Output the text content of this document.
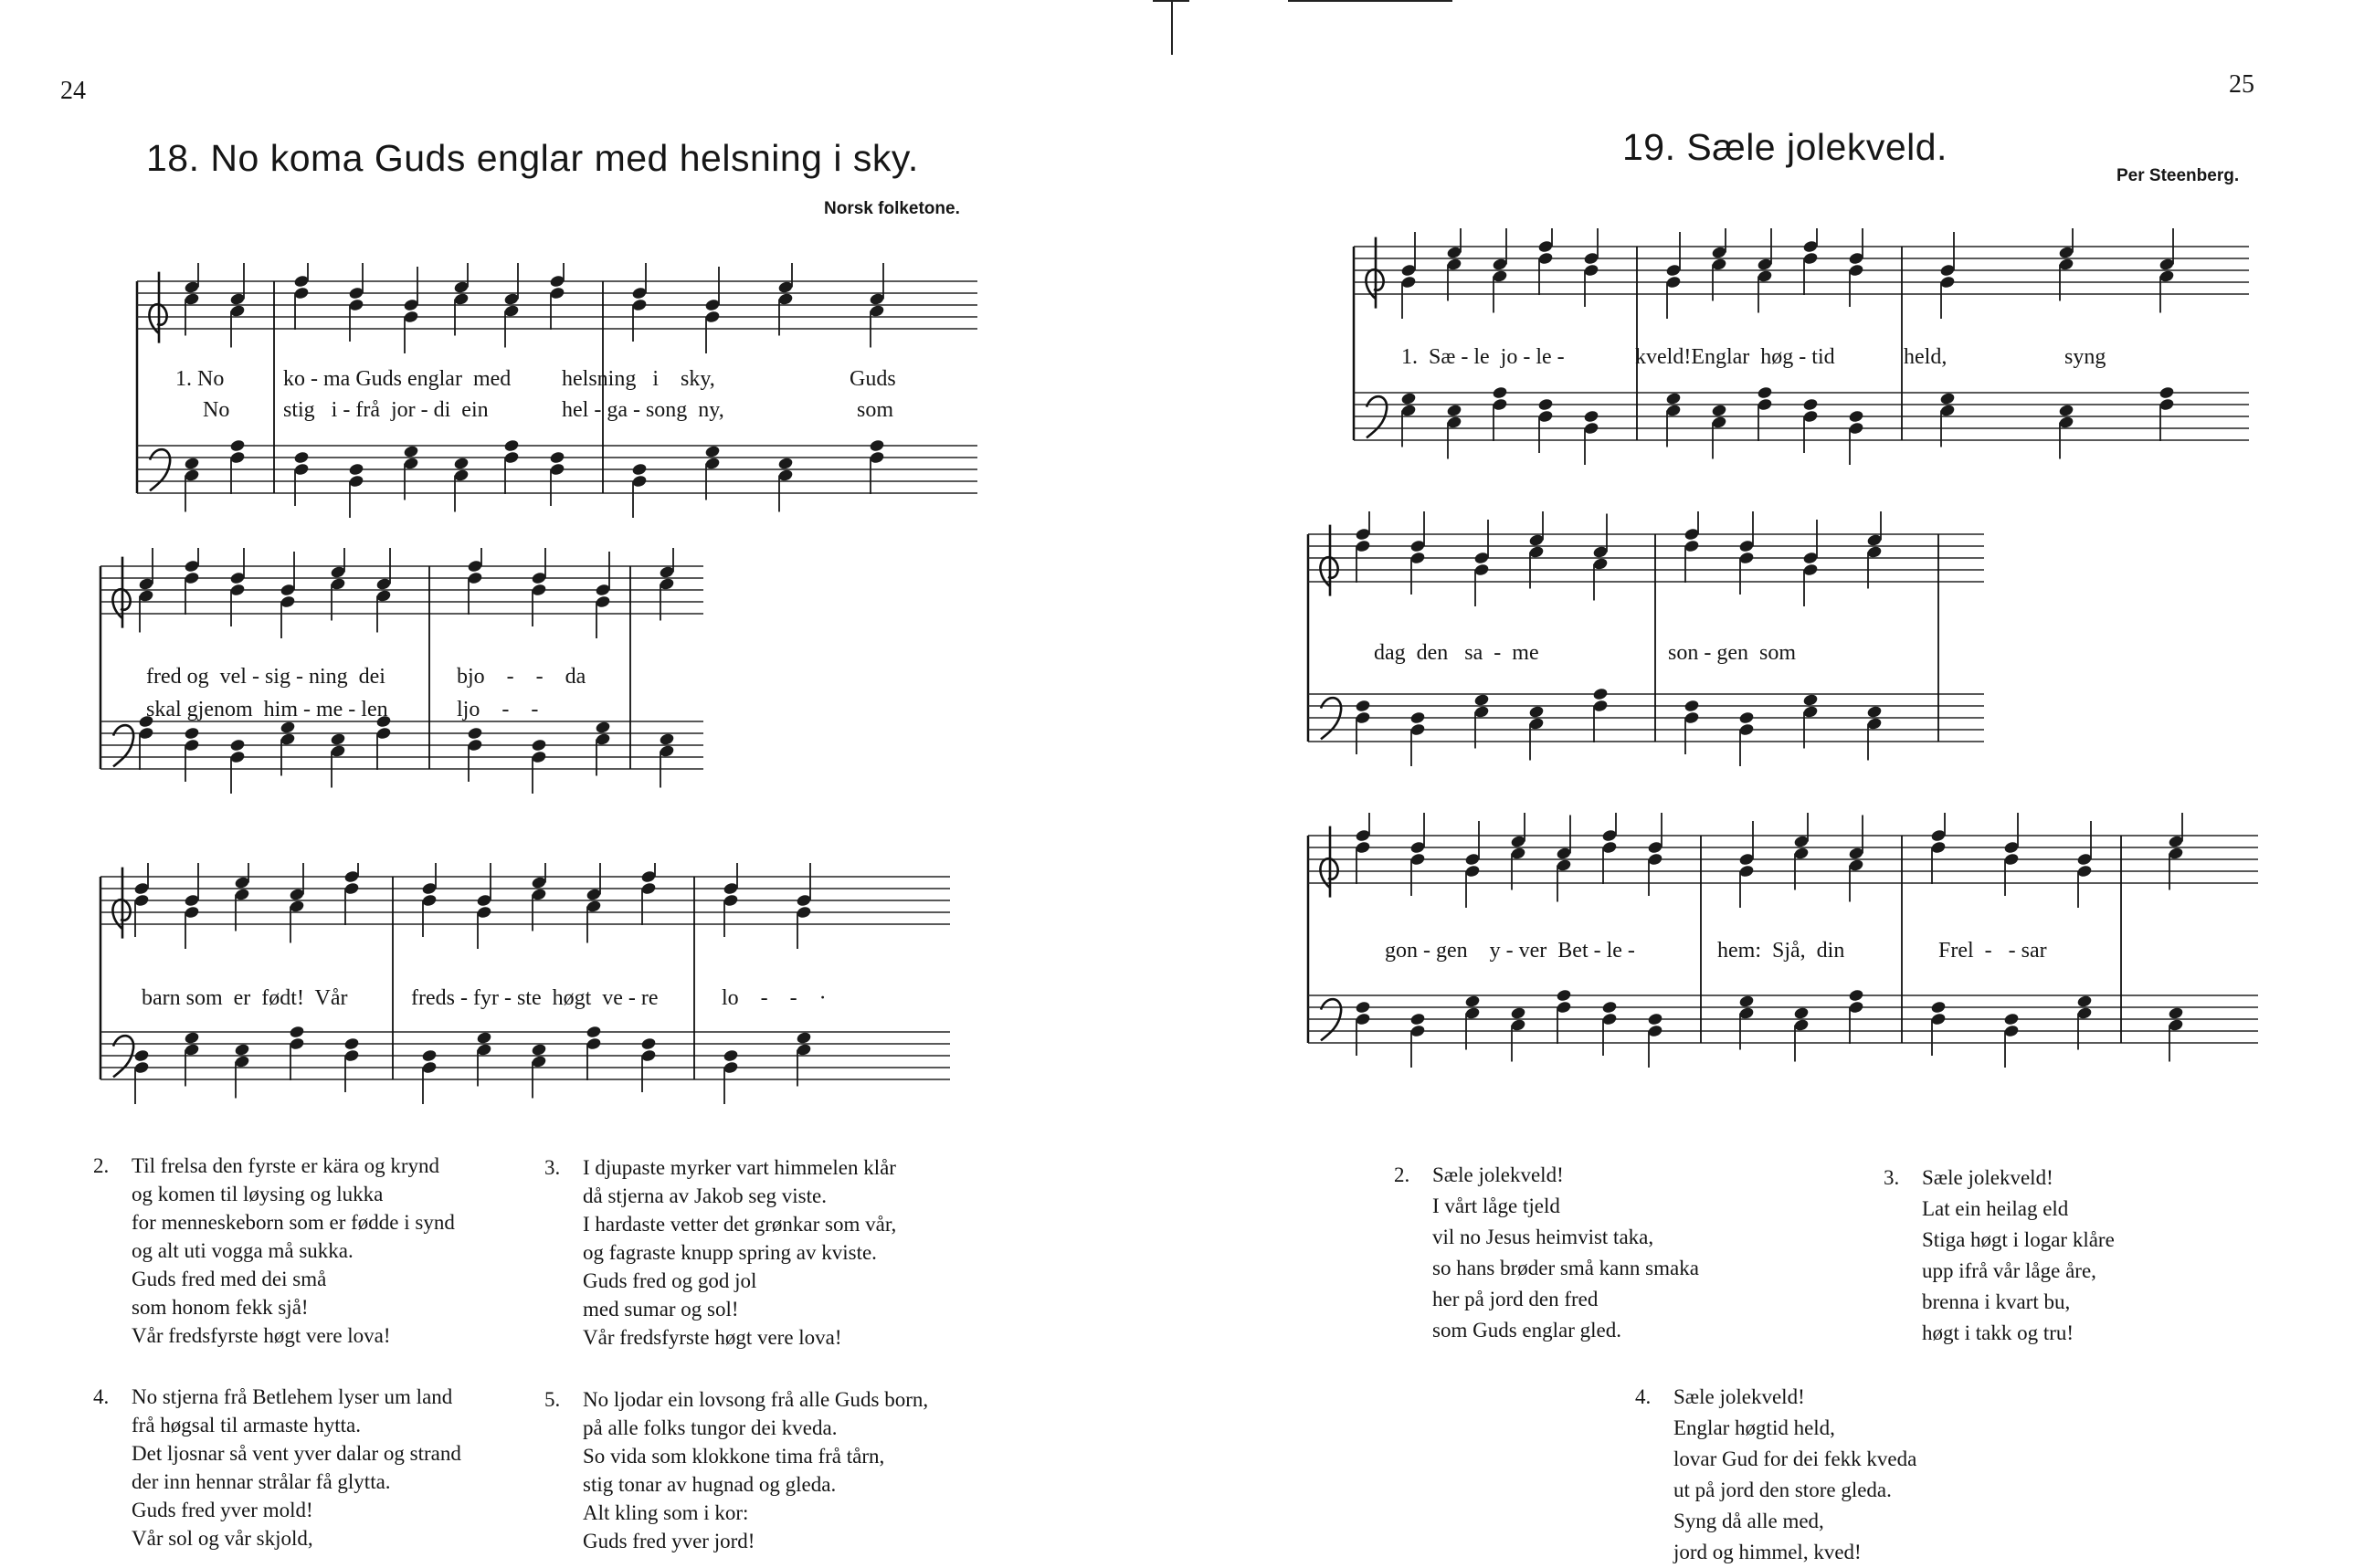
24
18. No koma Guds englar med helsning i sky.
Norsk folketone.
1. No	ko - ma Guds englar  med helsning   i    sky,	Guds
No stig   i - frå  jor - di  ein	hel - ga - song  ny,	som
fred og  vel - sig - ning  dei	bjo    -    -    da
skal gjenom  him - me - len	ljo    -    -
barn som  er  født!  Vår	freds - fyr - ste  høgt  ve - re	lo    -    -    ·
2. Til frelsa den fyrste er kära og krynd
og komen til løysing og lukka
for menneskeborn som er fødde i synd
og alt uti vogga må sukka.
Guds fred med dei små
som honom fekk sjå!
Vår fredsfyrste høgt vere lova!
3. I djupaste myrker vart himmelen klår
då stjerna av Jakob seg viste.
I hardaste vetter det grønkar som vår,
og fagraste knupp spring av kviste.
Guds fred og god jol
med sumar og sol!
Vår fredsfyrste høgt vere lova!
4. No stjerna frå Betlehem lyser um land
frå høgsal til armaste hytta.
Det ljosnar så vent yver dalar og strand
der inn hennar strålar få glytta.
Guds fred yver mold!
Vår sol og vår skjold,
5. No ljodar ein lovsong frå alle Guds born,
på alle folks tungor dei kveda.
So vida som klokkone tima frå tårn,
stig tonar av hugnad og gleda.
Alt kling som i kor:
Guds fred yver jord!
25
19. Sæle jolekveld.
Per Steenberg.
1.  Sæ - le  jo - le -	kveld!Englar  høg - tid	held,	syng
dag  den   sa  -  me	son - gen  som
gon - gen    y - ver  Bet - le -	hem:  Sjå,  din	Frel  -   - sar
2. Sæle jolekveld!
I vårt låge tjeld
vil no Jesus heimvist taka,
so hans brøder små kann smaka
her på jord den fred
som Guds englar gled.
3. Sæle jolekveld!
Lat ein heilag eld
Stiga høgt i logar klåre
upp ifrå vår låge åre,
brenna i kvart bu,
høgt i takk og tru!
4. Sæle jolekveld!
Englar høgtid held,
lovar Gud for dei fekk kveda
ut på jord den store gleda.
Syng då alle med,
jord og himmel, kved!
